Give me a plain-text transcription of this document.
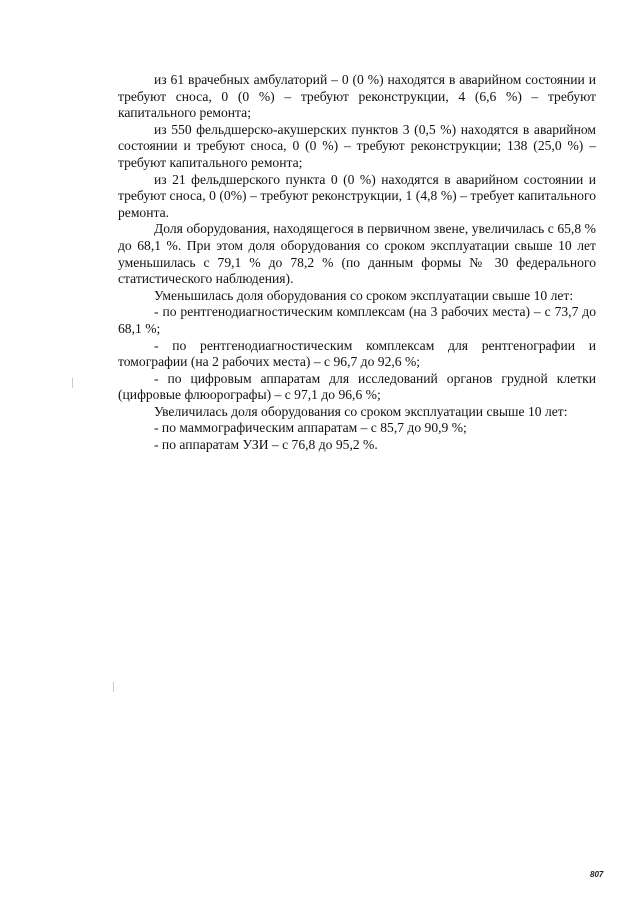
из 61 врачебных амбулаторий – 0 (0 %) находятся в аварийном состоянии и требуют сноса, 0 (0 %) – требуют реконструкции, 4 (6,6 %) – требуют капитального ремонта;

из 550 фельдшерско-акушерских пунктов 3 (0,5 %) находятся в аварийном состоянии и требуют сноса, 0 (0 %) – требуют реконструкции; 138 (25,0 %) – требуют капитального ремонта;

из 21 фельдшерского пункта 0 (0 %) находятся в аварийном состоянии и требуют сноса, 0 (0%) – требуют реконструкции, 1 (4,8 %) – требует капитального ремонта.

Доля оборудования, находящегося в первичном звене, увеличилась с 65,8 % до 68,1 %. При этом доля оборудования со сроком эксплуатации свыше 10 лет уменьшилась с 79,1 % до 78,2 % (по данным формы № 30 федерального статистического наблюдения).

Уменьшилась доля оборудования со сроком эксплуатации свыше 10 лет:

- по рентгенодиагностическим комплексам (на 3 рабочих места) – с 73,7 до 68,1 %;

- по рентгенодиагностическим комплексам для рентгенографии и томографии (на 2 рабочих места) – с 96,7 до 92,6 %;

- по цифровым аппаратам для исследований органов грудной клетки (цифровые флюорографы) – с 97,1 до 96,6 %;

Увеличилась доля оборудования со сроком эксплуатации свыше 10 лет:

- по маммографическим аппаратам – с 85,7 до 90,9 %;

- по аппаратам УЗИ – с 76,8 до 95,2 %.

807
